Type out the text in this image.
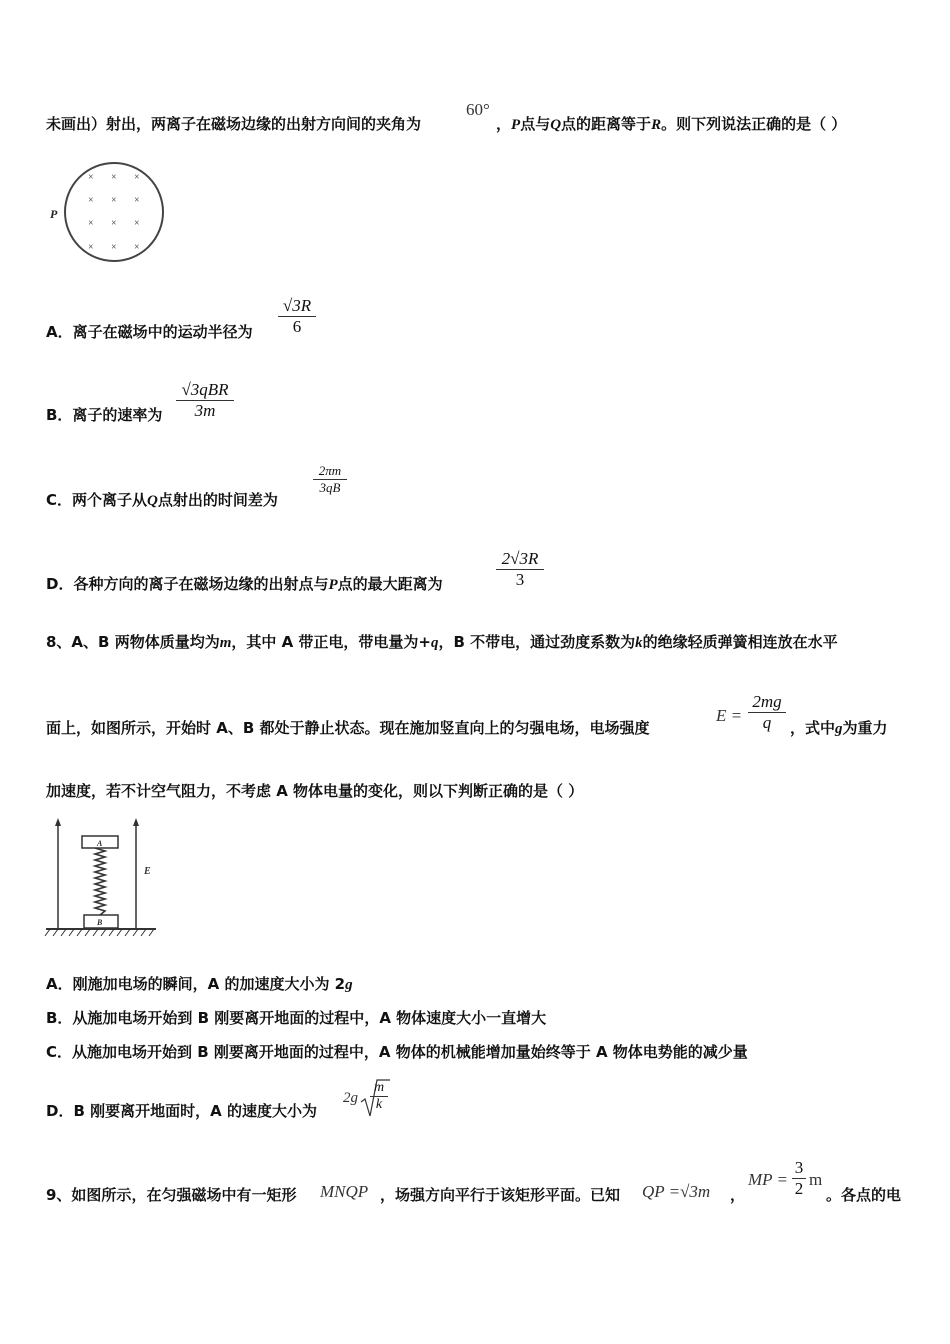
未画出）射出，两离子在磁场边缘的出射方向间的夹角为
60°
，P点与Q点的距离等于R。则下列说法正确的是（ ）
× × ×
× × ×
× × ×
× × ×
P
A．离子在磁场中的运动半径为
√3R
6
B．离子的速率为
√3qBR
3m
C．两个离子从Q点射出的时间差为
2πm
3qB
D．各种方向的离子在磁场边缘的出射点与P点的最大距离为
2√3R
3
8、A、B 两物体质量均为m，其中 A 带正电，带电量为+q，B 不带电，通过劲度系数为k的绝缘轻质弹簧相连放在水平
面上，如图所示，开始时 A、B 都处于静止状态。现在施加竖直向上的匀强电场，电场强度
E =
2mg
q	，式中g为重力
加速度，若不计空气阻力，不考虑 A 物体电量的变化，则以下判断正确的是（ ）
E
A
B
A．刚施加电场的瞬间，A 的加速度大小为 2g
B．从施加电场开始到 B 刚要离开地面的过程中，A 物体速度大小一直增大
C．从施加电场开始到 B 刚要离开地面的过程中，A 物体的机械能增加量始终等于 A 物体电势能的减少量
D．B 刚要离开地面时，A 的速度大小为
2g
m
k
9、如图所示，在匀强磁场中有一矩形 MNQP ，场强方向平行于该矩形平面。已知 QP =√3m ，
MP =
3
2 m
。各点的电
